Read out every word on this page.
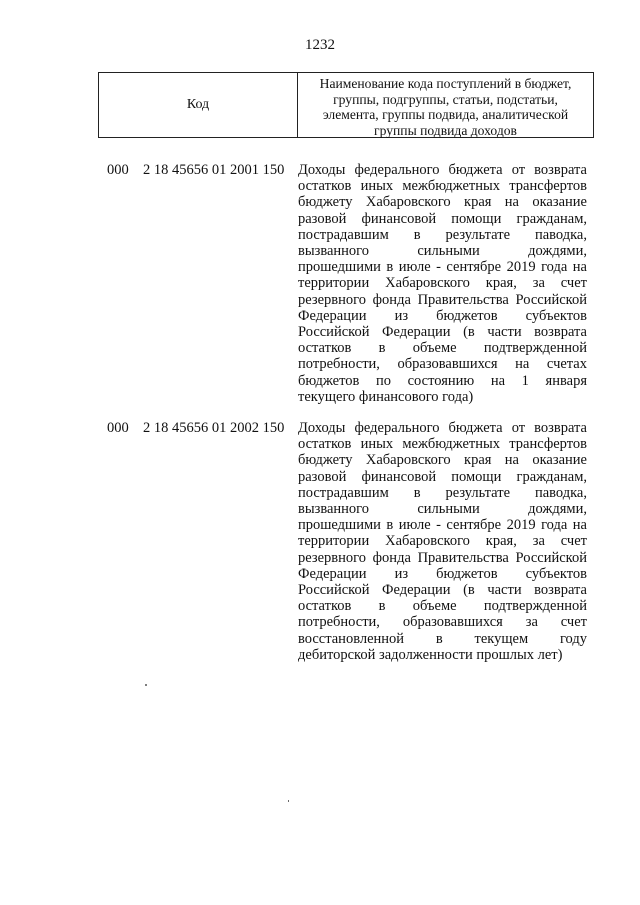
1232
Код
Наименование кода поступлений в бюджет,
группы, подгруппы, статьи, подстатьи,
элемента, группы подвида, аналитической
группы подвида доходов
000 2 18 45656 01 2001 150 Доходы федерального бюджета от возврата
остатков иных межбюджетных трансфертов
бюджету Хабаровского края на оказание
разовой финансовой помощи гражданам,
пострадавшим в результате паводка,
вызванного сильными дождями,
прошедшими в июле - сентябре 2019 года на
территории Хабаровского края, за счет
резервного фонда Правительства Российской
Федерации из бюджетов субъектов
Российской Федерации (в части возврата
остатков в объеме подтвержденной
потребности, образовавшихся на счетах
бюджетов по состоянию на 1 января
текущего финансового года)
000 2 18 45656 01 2002 150 Доходы федерального бюджета от возврата
остатков иных межбюджетных трансфертов
бюджету Хабаровского края на оказание
разовой финансовой помощи гражданам,
пострадавшим в результате паводка,
вызванного сильными дождями,
прошедшими в июле - сентябре 2019 года на
территории Хабаровского края, за счет
резервного фонда Правительства Российской
Федерации из бюджетов субъектов
Российской Федерации (в части возврата
остатков в объеме подтвержденной
потребности, образовавшихся за счет
восстановленной в текущем году
дебиторской задолженности прошлых лет)
